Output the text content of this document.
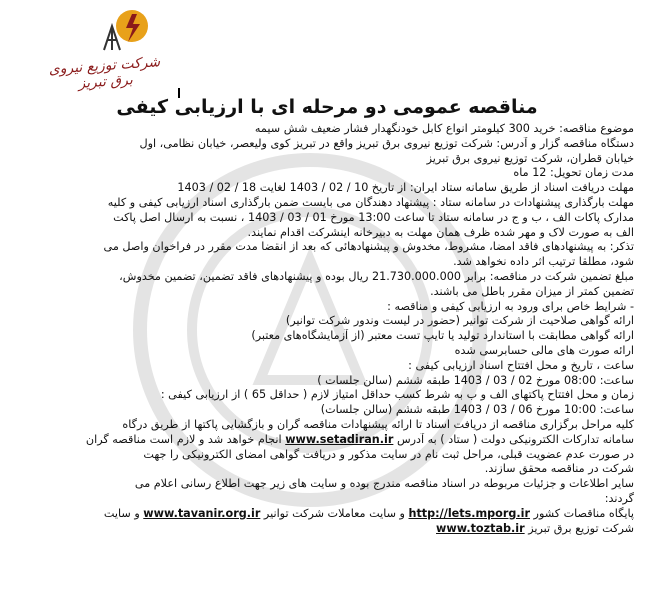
شرکت توزیع نیروی برق تبریز
مناقصه عمومی دو مرحله ای با ارزیابی کیفی

موضوع مناقصه: خرید 300 کیلومتر انواع کابل خودنگهدار فشار ضعیف شش سیمه

دستگاه مناقصه گزار و آدرس: شرکت توزیع نیروی برق تبریز واقع در تبریز کوی ولیعصر، خیابان نظامی، اول

خیابان قطران، شرکت توزیع نیروی برق تبریز

مدت زمان تحویل: 12 ماه

مهلت دریافت اسناد از طریق سامانه ستاد ایران: از تاریخ 10 / 02 / 1403 لغایت 18 / 02 / 1403

مهلت بارگذاری پیشنهادات در سامانه ستاد : پیشنهاد دهندگان می بایست ضمن بارگذاری اسناد ارزیابی کیفی و کلیه

مدارک پاکات الف ، ب و ج در سامانه ستاد تا ساعت 13:00 مورخ 01 / 03 / 1403 ، نسبت به ارسال اصل پاکت

الف به صورت لاک و مهر شده ظرف همان مهلت به دبیرخانه اینشرکت اقدام نمایند.

تذکر: به پیشنهادهای فاقد امضا، مشروط، مخدوش و پیشنهادهائی که بعد از انقضا مدت مقرر در فراخوان واصل می

شود، مطلقا ترتیب اثر داده نخواهد شد.

مبلغ تضمین شرکت در مناقصه: برابر 21.730.000.000 ریال بوده و پیشنهادهای فاقد تضمین، تضمین مخدوش،

تضمین کمتر از میزان مقرر باطل می باشند.

- شرایط خاص برای ورود به ارزیابی کیفی و مناقصه :

ارائه گواهی صلاحیت از شرکت توانیر (حضور در لیست وندور شرکت توانیر)

ارائه گواهی مطابقت با استاندارد تولید یا تایپ تست معتبر (از آزمایشگاه‌های معتبر)

ارائه صورت های مالی حسابرسی شده

ساعت ، تاریخ و محل افتتاح اسناد ارزیابی کیفی :

ساعت: 08:00 مورخ 02 / 03 / 1403 طبقه ششم (سالن جلسات )

زمان و محل افتتاح پاکتهای الف و ب به شرط کسب حداقل امتیاز لازم ( حداقل 65 ) از ارزیابی کیفی :

ساعت: 10:00 مورخ 06 / 03 / 1403 طبقه ششم (سالن جلسات)

کلیه مراحل برگزاری مناقصه از دریافت اسناد تا ارائه پیشنهادات مناقصه گران و بازگشایی پاکتها از طریق درگاه

سامانه تدارکات الکترونیکی دولت ( ستاد ) به آدرس www.setadiran.ir انجام خواهد شد و لازم است مناقصه گران

در صورت عدم عضویت قبلی، مراحل ثبت نام در سایت مذکور و دریافت گواهی امضای الکترونیکی را جهت

شرکت در مناقصه محقق سازند.

سایر اطلاعات و جزئیات مربوطه در اسناد مناقصه مندرج بوده و سایت های زیر جهت اطلاع رسانی اعلام می

گردند:

پایگاه مناقصات کشور http://lets.mporg.ir و سایت معاملات شرکت توانیر www.tavanir.org.ir و سایت

شرکت توزیع برق تبریز www.toztab.ir
